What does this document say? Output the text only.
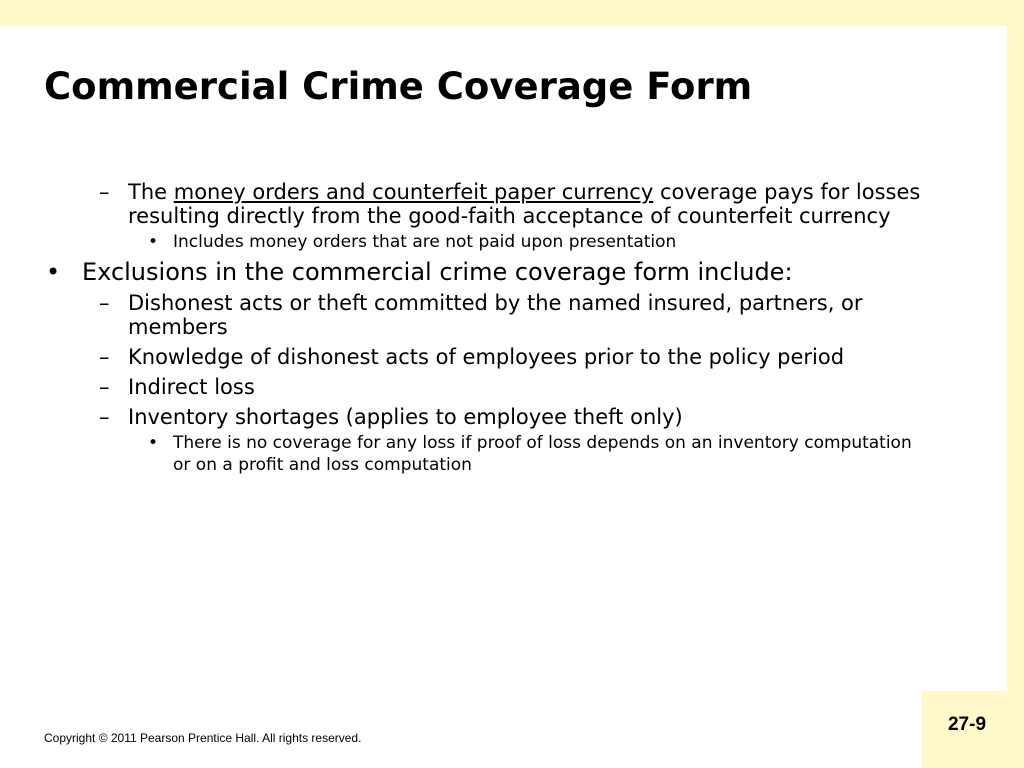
27-9
Commercial Crime Coverage Form
– The money orders and counterfeit paper currency coverage pays for losses resulting directly from the good-faith acceptance of counterfeit currency
• Includes money orders that are not paid upon presentation
• Exclusions in the commercial crime coverage form include:
– Dishonest acts or theft committed by the named insured, partners, or members
– Knowledge of dishonest acts of employees prior to the policy period
– Indirect loss
– Inventory shortages (applies to employee theft only)
• There is no coverage for any loss if proof of loss depends on an inventory computation or on a profit and loss computation
Copyright © 2011 Pearson Prentice Hall. All rights reserved.
